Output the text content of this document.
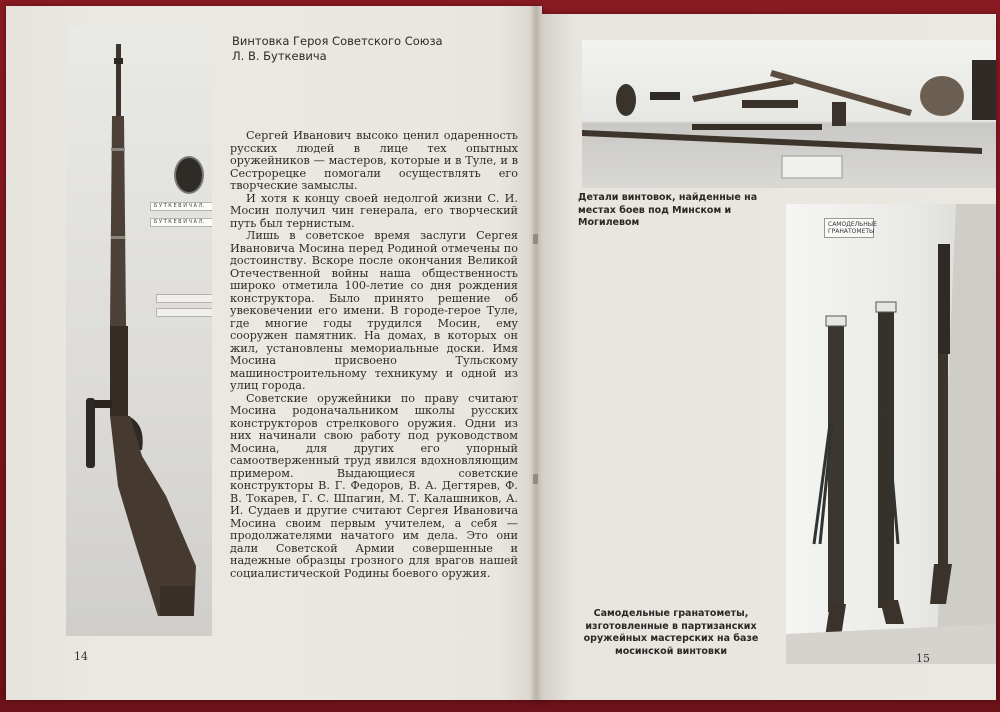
Б У Т К Е В И Ч А Л.
Б У Т К Е В И Ч А Л.
Винтовка Героя Советского Союза
Л. В. Буткевича

Сергей Иванович высоко ценил одаренность русских людей в лице тех опытных оружейников — мастеров, которые и в Туле, и в Сестрорецке помогали осуществлять его творческие замыслы.

И хотя к концу своей недолгой жизни С. И. Мосин получил чин генерала, его творческий путь был тернистым.

Лишь в советское время заслуги Сергея Ивановича Мосина перед Родиной отмечены по достоинству. Вскоре после окончания Великой Отечественной войны наша общественность широко отметила 100-летие со дня рождения конструктора. Было принято решение об увековечении его имени. В городе-герое Туле, где многие годы трудился Мосин, ему сооружен памятник. На домах, в которых он жил, установлены мемориальные доски. Имя Мосина присвоено Тульскому машиностроительному техникуму и одной из улиц города.

Советские оружейники по праву считают Мосина родоначальником школы русских конструкторов стрелкового оружия. Одни из них начинали свою работу под руководством Мосина, для других его упорный самоотверженный труд явился вдохновляющим примером. Выдающиеся советские конструкторы В. Г. Федоров, В. А. Дегтярев, Ф. В. Токарев, Г. С. Шпагин, М. Т. Калашников, А. И. Судаев и другие считают Сергея Ивановича Мосина своим первым учителем, а себя — продолжателями начатого им дела. Это они дали Советской Армии совершенные и надежные образцы грозного для врагов нашей социалистической Родины боевого оружия.

14

Детали винтовок, найденные на местах боев под Минском и Могилевом	САМОДЕЛЬНЫЕ ГРАНАТОМЕТЫ

Самодельные гранатометы, изготовленные в партизанских оружейных мастерских на базе мосинской винтовки

15
